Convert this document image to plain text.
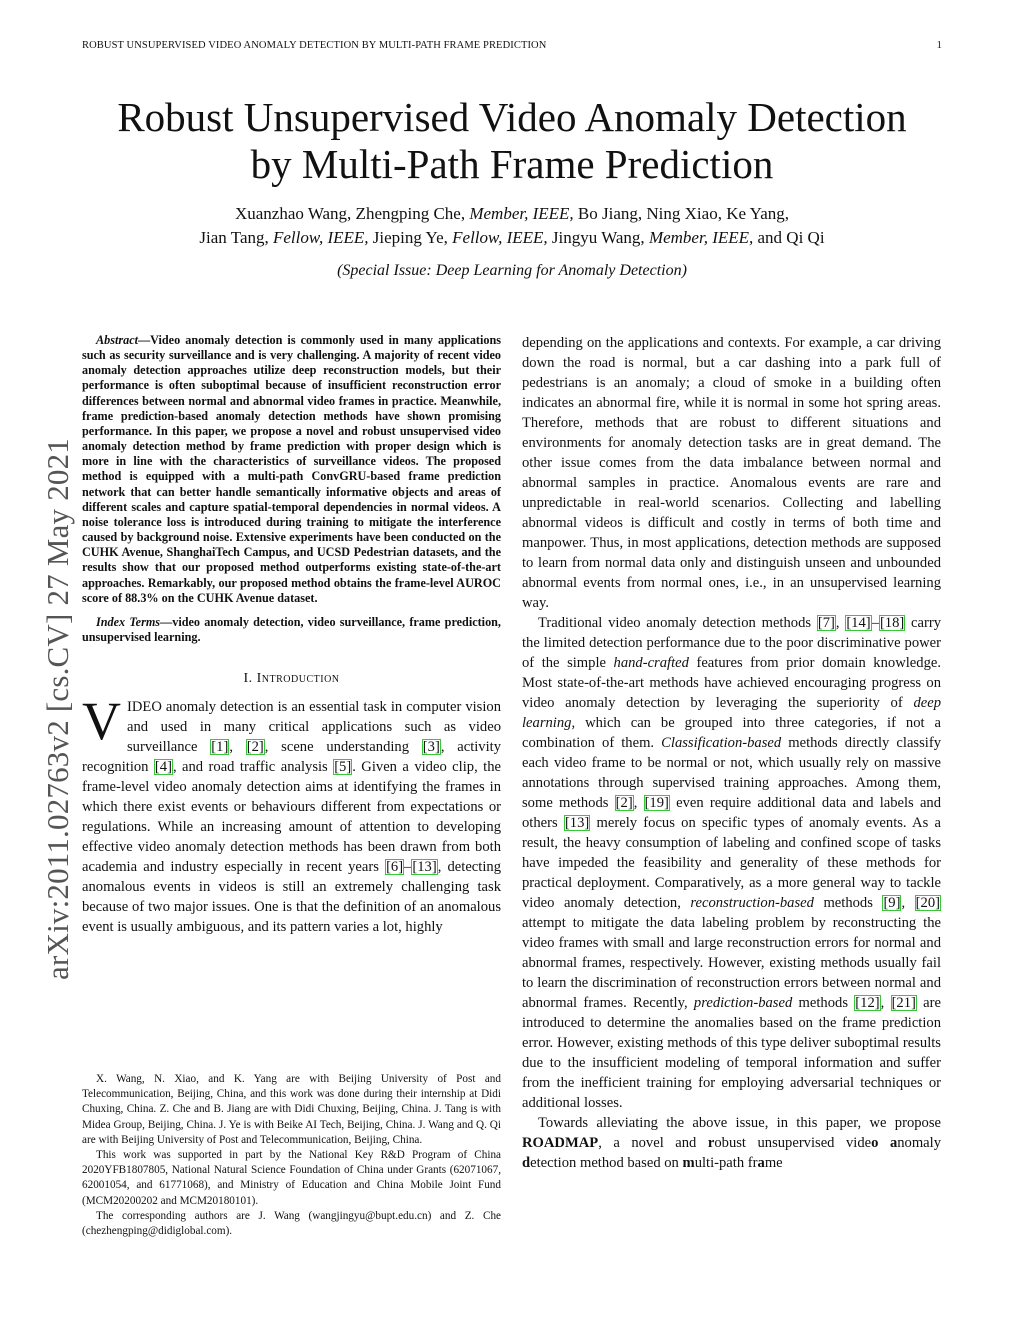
ROBUST UNSUPERVISED VIDEO ANOMALY DETECTION BY MULTI-PATH FRAME PREDICTION	1
arXiv:2011.02763v2 [cs.CV] 27 May 2021
Robust Unsupervised Video Anomaly Detection
by Multi-Path Frame Prediction
Xuanzhao Wang, Zhengping Che, Member, IEEE, Bo Jiang, Ning Xiao, Ke Yang,
Jian Tang, Fellow, IEEE, Jieping Ye, Fellow, IEEE, Jingyu Wang, Member, IEEE, and Qi Qi
(Special Issue: Deep Learning for Anomaly Detection)

Abstract—Video anomaly detection is commonly used in many applications such as security surveillance and is very challenging. A majority of recent video anomaly detection approaches utilize deep reconstruction models, but their performance is often suboptimal because of insufficient reconstruction error differences between normal and abnormal video frames in practice. Meanwhile, frame prediction-based anomaly detection methods have shown promising performance. In this paper, we propose a novel and robust unsupervised video anomaly detection method by frame prediction with proper design which is more in line with the characteristics of surveillance videos. The proposed method is equipped with a multi-path ConvGRU-based frame prediction network that can better handle semantically informative objects and areas of different scales and capture spatial-temporal dependencies in normal videos. A noise tolerance loss is introduced during training to mitigate the interference caused by background noise. Extensive experiments have been conducted on the CUHK Avenue, ShanghaiTech Campus, and UCSD Pedestrian datasets, and the results show that our proposed method outperforms existing state-of-the-art approaches. Remarkably, our proposed method obtains the frame-level AUROC score of 88.3% on the CUHK Avenue dataset.

Index Terms—video anomaly detection, video surveillance, frame prediction, unsupervised learning.

I. Introduction

VIDEO anomaly detection is an essential task in computer vision and used in many critical applications such as video surveillance [1], [2], scene understanding [3], activity recognition [4], and road traffic analysis [5]. Given a video clip, the frame-level video anomaly detection aims at identifying the frames in which there exist events or behaviours different from expectations or regulations. While an increasing amount of attention to developing effective video anomaly detection methods has been drawn from both academia and industry especially in recent years [6]–[13], detecting anomalous events in videos is still an extremely challenging task because of two major issues. One is that the definition of an anomalous event is usually ambiguous, and its pattern varies a lot, highly

X. Wang, N. Xiao, and K. Yang are with Beijing University of Post and Telecommunication, Beijing, China, and this work was done during their internship at Didi Chuxing, China. Z. Che and B. Jiang are with Didi Chuxing, Beijing, China. J. Tang is with Midea Group, Beijing, China. J. Ye is with Beike AI Tech, Beijing, China. J. Wang and Q. Qi are with Beijing University of Post and Telecommunication, Beijing, China.

This work was supported in part by the National Key R&D Program of China 2020YFB1807805, National Natural Science Foundation of China under Grants (62071067, 62001054, and 61771068), and Ministry of Education and China Mobile Joint Fund (MCM20200202 and MCM20180101).

The corresponding authors are J. Wang (wangjingyu@bupt.edu.cn) and Z. Che (chezhengping@didiglobal.com).

depending on the applications and contexts. For example, a car driving down the road is normal, but a car dashing into a park full of pedestrians is an anomaly; a cloud of smoke in a building often indicates an abnormal fire, while it is normal in some hot spring areas. Therefore, methods that are robust to different situations and environments for anomaly detection tasks are in great demand. The other issue comes from the data imbalance between normal and abnormal samples in practice. Anomalous events are rare and unpredictable in real-world scenarios. Collecting and labelling abnormal videos is difficult and costly in terms of both time and manpower. Thus, in most applications, detection methods are supposed to learn from normal data only and distinguish unseen and unbounded abnormal events from normal ones, i.e., in an unsupervised learning way.

Traditional video anomaly detection methods [7], [14]–[18] carry the limited detection performance due to the poor discriminative power of the simple hand-crafted features from prior domain knowledge. Most state-of-the-art methods have achieved encouraging progress on video anomaly detection by leveraging the superiority of deep learning, which can be grouped into three categories, if not a combination of them. Classification-based methods directly classify each video frame to be normal or not, which usually rely on massive annotations through supervised training approaches. Among them, some methods [2], [19] even require additional data and labels and others [13] merely focus on specific types of anomaly events. As a result, the heavy consumption of labeling and confined scope of tasks have impeded the feasibility and generality of these methods for practical deployment. Comparatively, as a more general way to tackle video anomaly detection, reconstruction-based methods [9], [20] attempt to mitigate the data labeling problem by reconstructing the video frames with small and large reconstruction errors for normal and abnormal frames, respectively. However, existing methods usually fail to learn the discrimination of reconstruction errors between normal and abnormal frames. Recently, prediction-based methods [12], [21] are introduced to determine the anomalies based on the frame prediction error. However, existing methods of this type deliver suboptimal results due to the insufficient modeling of temporal information and suffer from the inefficient training for employing adversarial techniques or additional losses.

Towards alleviating the above issue, in this paper, we propose ROADMAP, a novel and robust unsupervised video anomaly detection method based on multi-path frame
